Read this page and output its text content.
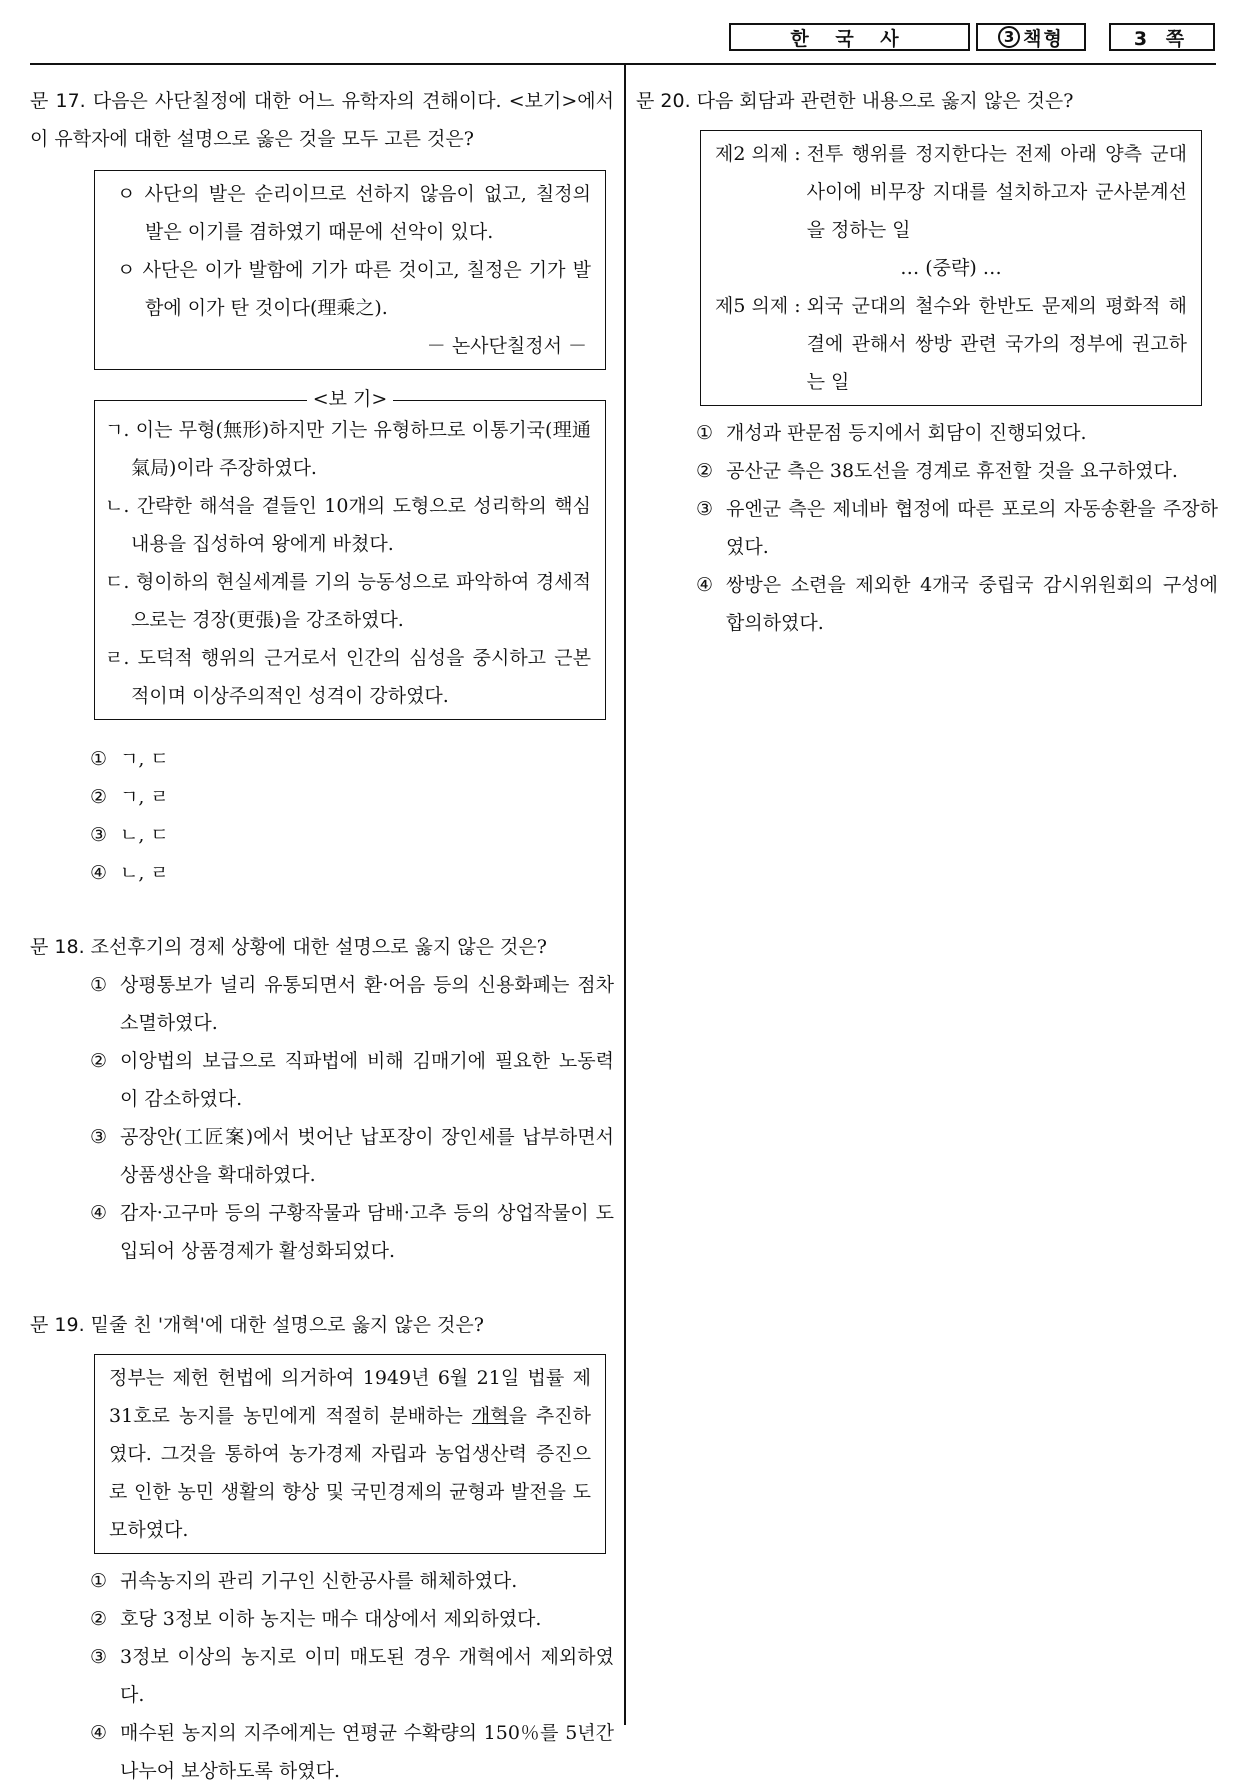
한 국 사	3 책형	3 쪽
문 17. 다음은 사단칠정에 대한 어느 유학자의 견해이다. <보기>에서 이 유학자에 대한 설명으로 옳은 것을 모두 고른 것은?
ㅇ 사단의 발은 순리이므로 선하지 않음이 없고, 칠정의 발은 이기를 겸하였기 때문에 선악이 있다.
ㅇ 사단은 이가 발함에 기가 따른 것이고, 칠정은 기가 발함에 이가 탄 것이다(理乘之).
－ 논사단칠정서 －
<보 기>
ㄱ. 이는 무형(無形)하지만 기는 유형하므로 이통기국(理通氣局)이라 주장하였다.
ㄴ. 간략한 해석을 곁들인 10개의 도형으로 성리학의 핵심 내용을 집성하여 왕에게 바쳤다.
ㄷ. 형이하의 현실세계를 기의 능동성으로 파악하여 경세적으로는 경장(更張)을 강조하였다.
ㄹ. 도덕적 행위의 근거로서 인간의 심성을 중시하고 근본적이며 이상주의적인 성격이 강하였다.
① ㄱ, ㄷ
② ㄱ, ㄹ
③ ㄴ, ㄷ
④ ㄴ, ㄹ
문 18. 조선후기의 경제 상황에 대한 설명으로 옳지 않은 것은?
① 상평통보가 널리 유통되면서 환·어음 등의 신용화폐는 점차 소멸하였다.
② 이앙법의 보급으로 직파법에 비해 김매기에 필요한 노동력이 감소하였다.
③ 공장안(工匠案)에서 벗어난 납포장이 장인세를 납부하면서 상품생산을 확대하였다.
④ 감자·고구마 등의 구황작물과 담배·고추 등의 상업작물이 도입되어 상품경제가 활성화되었다.
문 19. 밑줄 친 '개혁'에 대한 설명으로 옳지 않은 것은?
정부는 제헌 헌법에 의거하여 1949년 6월 21일 법률 제31호로 농지를 농민에게 적절히 분배하는 개혁을 추진하였다. 그것을 통하여 농가경제 자립과 농업생산력 증진으로 인한 농민 생활의 향상 및 국민경제의 균형과 발전을 도모하였다.
① 귀속농지의 관리 기구인 신한공사를 해체하였다.
② 호당 3정보 이하 농지는 매수 대상에서 제외하였다.
③ 3정보 이상의 농지로 이미 매도된 경우 개혁에서 제외하였다.
④ 매수된 농지의 지주에게는 연평균 수확량의 150％를 5년간 나누어 보상하도록 하였다.
문 20. 다음 회담과 관련한 내용으로 옳지 않은 것은?
제2 의제 : 전투 행위를 정지한다는 전제 아래 양측 군대 사이에 비무장 지대를 설치하고자 군사분계선을 정하는 일
… (중략) …
제5 의제 : 외국 군대의 철수와 한반도 문제의 평화적 해결에 관해서 쌍방 관련 국가의 정부에 권고하는 일
① 개성과 판문점 등지에서 회담이 진행되었다.
② 공산군 측은 38도선을 경계로 휴전할 것을 요구하였다.
③ 유엔군 측은 제네바 협정에 따른 포로의 자동송환을 주장하였다.
④ 쌍방은 소련을 제외한 4개국 중립국 감시위원회의 구성에 합의하였다.
